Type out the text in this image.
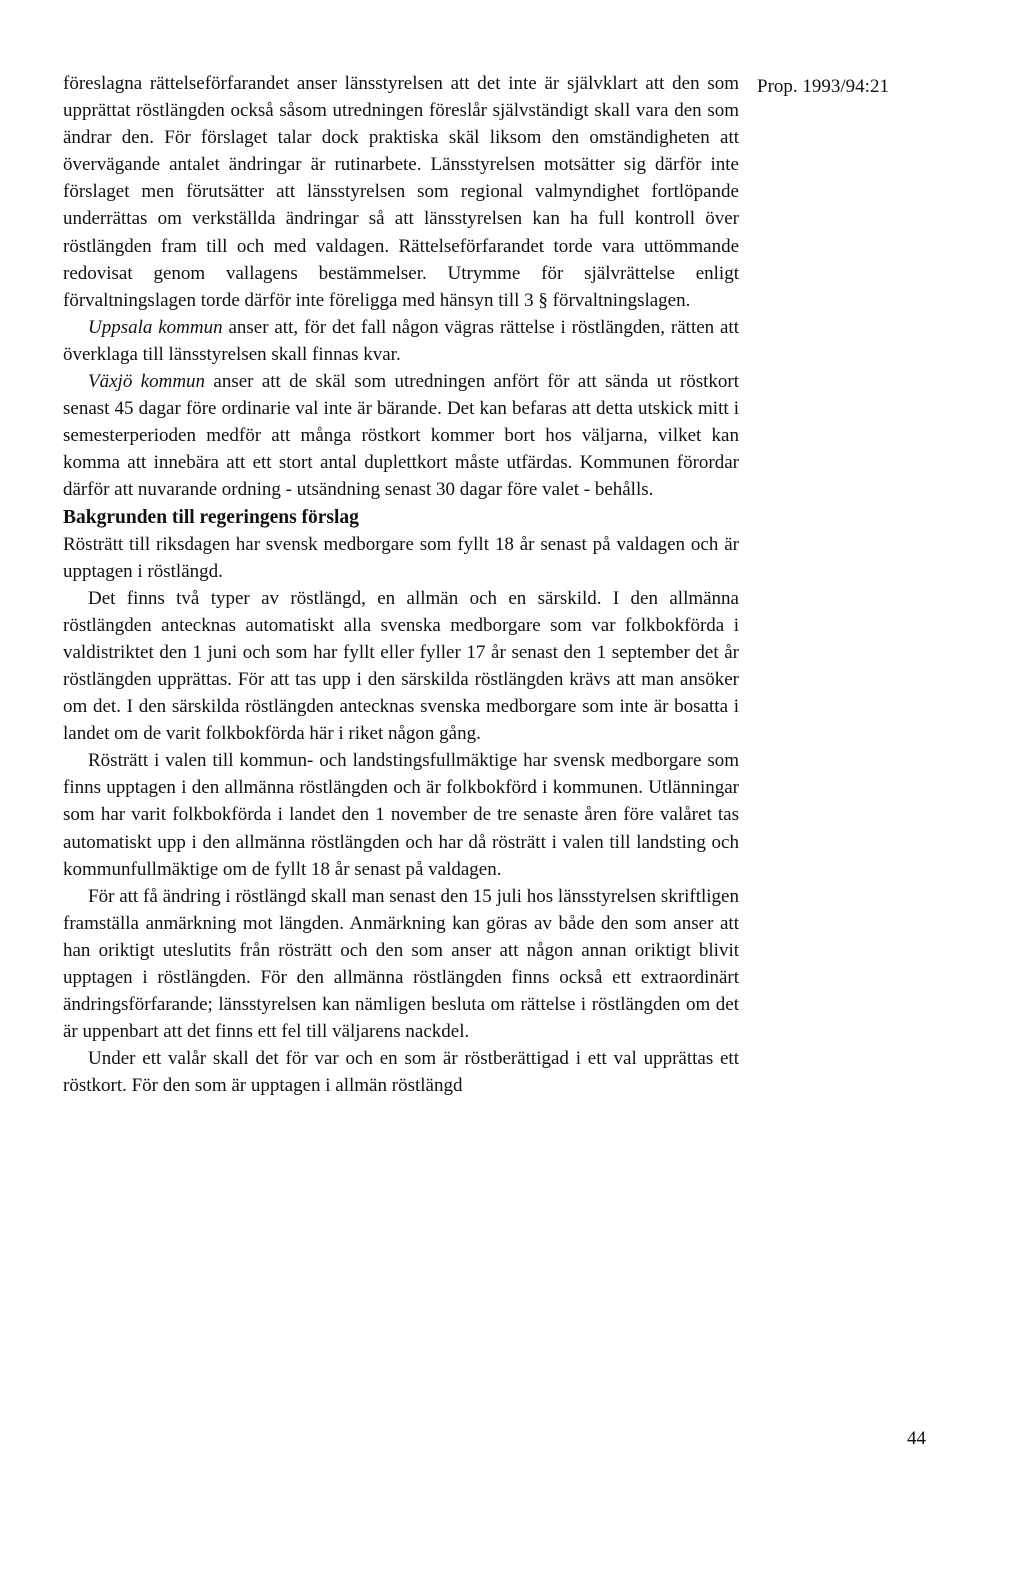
Prop. 1993/94:21

föreslagna rättelseförfarandet anser länsstyrelsen att det inte är självklart att den som upprättat röstlängden också såsom utredningen föreslår självständigt skall vara den som ändrar den. För förslaget talar dock praktiska skäl liksom den omständigheten att övervägande antalet ändringar är rutinarbete. Länsstyrelsen motsätter sig därför inte förslaget men förutsätter att länsstyrelsen som regional valmyndighet fortlöpande underrättas om verkställda ändringar så att länsstyrelsen kan ha full kontroll över röstlängden fram till och med valdagen. Rättelseförfarandet torde vara uttömmande redovisat genom vallagens bestämmelser. Utrymme för självrättelse enligt förvaltningslagen torde därför inte föreligga med hänsyn till 3 § förvaltningslagen.

Uppsala kommun anser att, för det fall någon vägras rättelse i röstlängden, rätten att överklaga till länsstyrelsen skall finnas kvar.

Växjö kommun anser att de skäl som utredningen anfört för att sända ut röstkort senast 45 dagar före ordinarie val inte är bärande. Det kan befaras att detta utskick mitt i semesterperioden medför att många röstkort kommer bort hos väljarna, vilket kan komma att innebära att ett stort antal duplettkort måste utfärdas. Kommunen förordar därför att nuvarande ordning - utsändning senast 30 dagar före valet - behålls.

Bakgrunden till regeringens förslag

Rösträtt till riksdagen har svensk medborgare som fyllt 18 år senast på valdagen och är upptagen i röstlängd.

Det finns två typer av röstlängd, en allmän och en särskild. I den allmänna röstlängden antecknas automatiskt alla svenska medborgare som var folkbokförda i valdistriktet den 1 juni och som har fyllt eller fyller 17 år senast den 1 september det år röstlängden upprättas. För att tas upp i den särskilda röstlängden krävs att man ansöker om det. I den särskilda röstlängden antecknas svenska medborgare som inte är bosatta i landet om de varit folkbokförda här i riket någon gång.

Rösträtt i valen till kommun- och landstingsfullmäktige har svensk medborgare som finns upptagen i den allmänna röstlängden och är folkbokförd i kommunen. Utlänningar som har varit folkbokförda i landet den 1 november de tre senaste åren före valåret tas automatiskt upp i den allmänna röstlängden och har då rösträtt i valen till landsting och kommunfullmäktige om de fyllt 18 år senast på valdagen.

För att få ändring i röstlängd skall man senast den 15 juli hos länsstyrelsen skriftligen framställa anmärkning mot längden. Anmärkning kan göras av både den som anser att han oriktigt uteslutits från rösträtt och den som anser att någon annan oriktigt blivit upptagen i röstlängden. För den allmänna röstlängden finns också ett extraordinärt ändringsförfarande; länsstyrelsen kan nämligen besluta om rättelse i röstlängden om det är uppenbart att det finns ett fel till väljarens nackdel.

Under ett valår skall det för var och en som är röstberättigad i ett val upprättas ett röstkort. För den som är upptagen i allmän röstlängd

44
